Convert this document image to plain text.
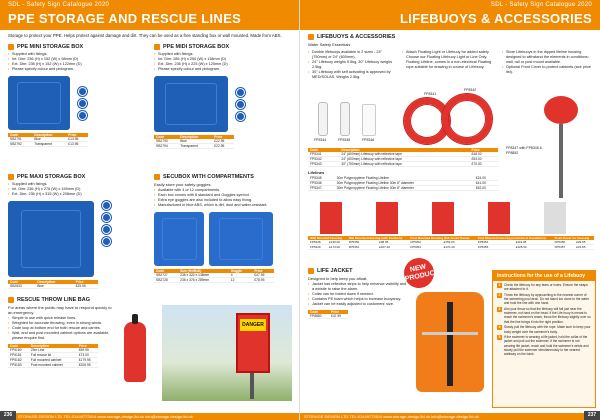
SDL - Safety Sign Catalogue 2020
PPE STORAGE AND RESCUE LINES
Storage to protect your PPE. Helps protect against damage and dirt. They can be used as a free standing box or wall mounted. Made from ABS.
PPE MINI STORAGE BOX
• Supplied with fixings.
• Int. Dim: 236 (H) x 152 (W) x 98mm (D)
• Ext. Dim: 236 (H) x 152 (W) x 122mm (D)
• Please specify colour and pictogram.
Code	Description	Price
SB2791	Blue	£13.95
SB2792	Transparent	£13.95
PPE MIDI STORAGE BOX
• Supplied with fixings.
• Int. Dim: 285 (H) x 250 (W) x 118mm (D)
• Ext. Dim: 236 (H) x 225 (W) x 125mm (D)
• Please specify colour and pictogram.
Code	Description	Price
SB2793	Blue	£22.95
SB2794	Transparent	£22.95
PPE MAXI STORAGE BOX
• Supplied with fixings.
• Int. Dim: 236 (H) x 276 (W) x 159mm (D)
• Ext. Dim: 236 (H) x 315 (W) x 208mm (D)
Code	Description	Price
SB2833	Blue	£25.95
SECUBOX WITH COMPARTMENTS
Easily store your safety goggles.
• Available with 4 or 12 compartments.
• Each box comes with 8 standard and Goggles symbol.
• Extra eye goggles are also included to allow easy fixing.
• Manufactured in blue ABS, which is dirt, dust and water-resistant.
Code	Size (HxWxD)	Goggle	Price
SB2727	236 x 320 x 138mm	4	£47.95
SB2728	236 x 376 x 289mm	12	£78.95
RESCUE THROW LINE BAG
For areas where the public may have to respond quickly to an emergency.
• Simple to use with quick release lines.
• Weighted for accurate throwing, even in strong winds.
• Code loop at bottom end for both rescue and carries.
• Wall, and and post mounted cabinet options are available, please enquire first.
Code	Description	Price
FP5180	25m Line	£59.95
FP5181	Full rescue kit	£73.00
FP5182	Full mounted cabinet	£179.95
FP5183	Post mounted cabinet	£205.95
DANGER
STORAGE DESIGN LTD TEL:01449772614 www.storage-design.ltd.uk info@storage-design.ltd.uk
236
SDL - Safety Sign Catalogue 2020
LIFEBUOYS & ACCESSORIES
LIFEBUOYS & ACCESSORIES
Water Safety Essentials
• Double lifebuoys available in 2 sizes - 24" (750mm) or 24" (600mm).
• 24" Lifebuoy weighs 5.5kg, 30" Lifebuoy weighs 2.5kg.
• 30" Lifebuoy with self activating is approved by MED/SOLAS. Weighs 2.5kg.
• Attach Floating Light or Lifebuoy for added safety. Choose our Floating Lifebuoy Light or Line Only. Floating Lifeline, comes in a non-electrical Floating rope suitable for drawing in course of Lifebuoy.
• Store Lifebuoys in the dipped lifeline housing designed to withstand the elements in conditions: wall, rail or post mount available.
• Optional Front Cover to protect cabinets (see price list).
FP5344	FP5345	FP5346
FP8341
FP8342
FP8347 with FP8345 & FP8852
Code	Description	Price
FP5341	24" (600mm) Lifebuoy with reflective tape	£48.00
FP5342	24" (600mm) Lifebuoy with reflective tape	£53.00
FP5343	30" (750mm) Lifebuoy with reflective tape	£70.00
Lifelines
FP5345	30m Polypropylene Floating Lifeline	£24.00
FP5346	30m Polypropylene Floating Lifeline 30m 8" diameter	£41.00
FP5347	30m Polypropylene Floating Lifeline 30m 8" diameter	£52.00
Wall Mounted Housing		Rail Mounted Housing (with brackets)		Post Mounted Housing (full mount frame)		Post Mounted Housing (concrete in foundation)		Front Cover for Housing	
FP5348	£139.00	FP5350	£98.95	FP5352	£159.00	FP5354	£119.95	FP5356	£29.95
FP5349	£174.00	FP5351	£107.20	FP5353	£170.40	FP5355	£128.50	FP5357	£31.95
LIFE JACKET
Designed to help keep you afloat.
• Jacket has reflective strips to help enhance visibility and a whistle to raise the alarm.
• Collar can be folded down if needed.
• Contains PE foam which helps to increase buoyancy.
• Jacket can be easily adjusted to customers' size.
Code	Price
FP8880	£47.95
NEW PRODUCT	Instructions for the use of a Lifebuoy
1	Check the lifebuoy for any tears or holes. Ensure the straps are attached to it.
2	Throw the lifebuoy by approaching to the nearest corner of the swimming pool deck. Do not stand too close to the water and hold the line with one hand.
3	Aim your throw so that the lifebuoy will fall just near the swimmer, not hard on the head. If the Life buoy is meant to reach the swimmer's reach, throw the lifebuoy slightly over so that the line brings it into the right position.
4	Slowly pull the lifebuoy with the rope. Make sure to keep your body weight over the swimmer's body.
5	If the swimmer is wearing a life jacket, hold the collar of the jacket and pull out the swimmer. If the swimmer is not wearing life jacket, reach and hold the swimmer's wrists and slowly pull the swimmer simultaneously to the nearest walkway on the bank.
STORAGE DESIGN LTD TEL:01449772614 www.storage-design.ltd.uk info@storage-design.ltd.uk	237
